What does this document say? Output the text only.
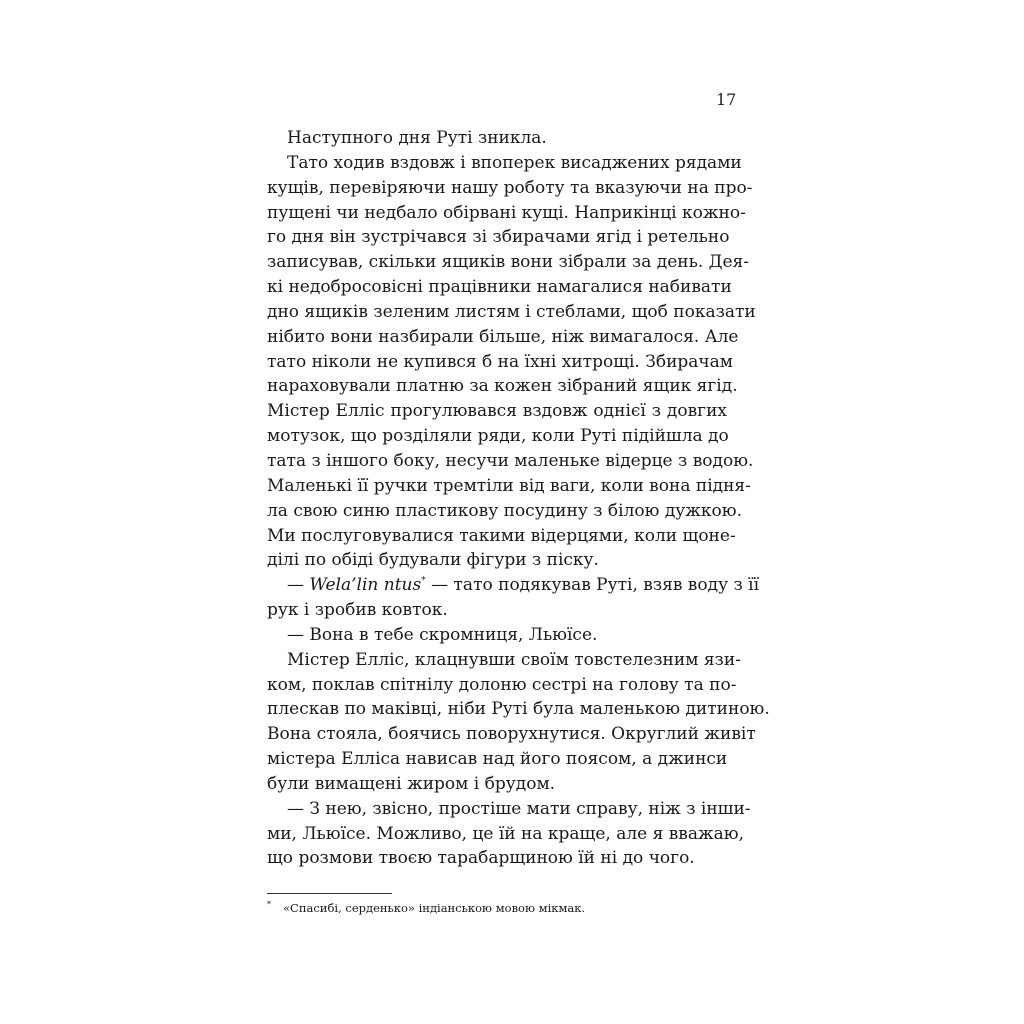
17
Наступного дня Руті зникла.
Тато ходив вздовж і впоперек висаджених рядами
кущів, перевіряючи нашу роботу та вказуючи на про-
пущені чи недбало обірвані кущі. Наприкінці кожно-
го дня він зустрічався зі збирачами ягід і ретельно
записував, скільки ящиків вони зібрали за день. Дея-
кі недобросовісні працівники намагалися набивати
дно ящиків зеленим листям і стеблами, щоб показати
нібито вони назбирали більше, ніж вимагалося. Але
тато ніколи не купився б на їхні хитрощі. Збирачам
нараховували платню за кожен зібраний ящик ягід.
Містер Елліс прогулювався вздовж однієї з довгих
мотузок, що розділяли ряди, коли Руті підійшла до
тата з іншого боку, несучи маленьке відерце з водою.
Маленькі її ручки тремтіли від ваги, коли вона підня-
ла свою синю пластикову посудину з білою дужкою.
Ми послуговувалися такими відерцями, коли щоне-
ділі по обіді будували фігури з піску.
— Wela’lin ntus* — тато подякував Руті, взяв воду з її
рук і зробив ковток.
— Вона в тебе скромниця, Льюїсе.
Містер Елліс, клацнувши своїм товстелезним язи-
ком, поклав спітнілу долоню сестрі на голову та по-
плескав по маківці, ніби Руті була маленькою дитиною.
Вона стояла, боячись поворухнутися. Округлий живіт
містера Елліса нависав над його поясом, а джинси
були вимащені жиром і брудом.
— З нею, звісно, простіше мати справу, ніж з інши-
ми, Льюїсе. Можливо, це їй на краще, але я вважаю,
що розмови твоєю тарабарщиною їй ні до чого.
* «Спасибі, серденько» індіанською мовою мікмак.
